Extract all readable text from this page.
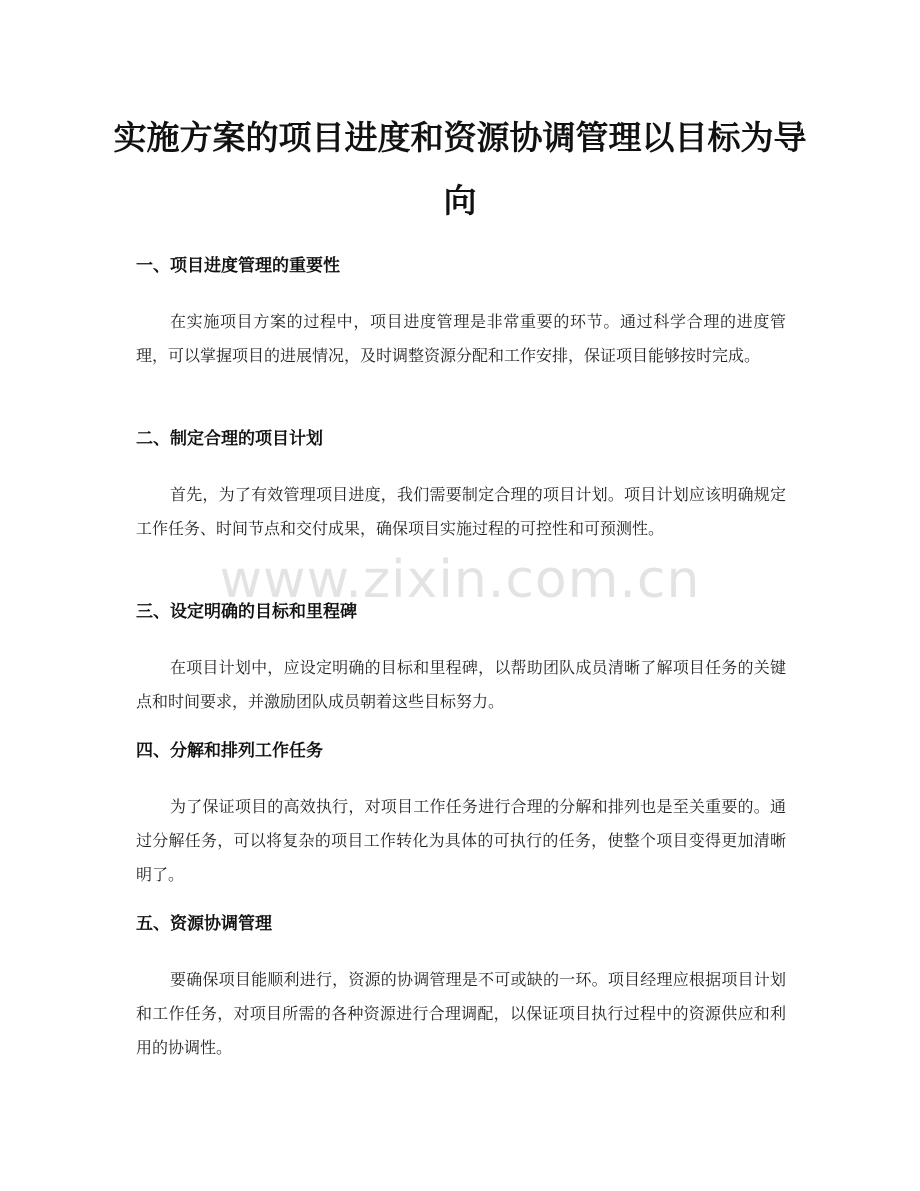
实施方案的项目进度和资源协调管理以目标为导向
一、项目进度管理的重要性

在实施项目方案的过程中，项目进度管理是非常重要的环节。通过科学合理的进度管理，可以掌握项目的进展情况，及时调整资源分配和工作安排，保证项目能够按时完成。

二、制定合理的项目计划

首先，为了有效管理项目进度，我们需要制定合理的项目计划。项目计划应该明确规定工作任务、时间节点和交付成果，确保项目实施过程的可控性和可预测性。

三、设定明确的目标和里程碑

在项目计划中，应设定明确的目标和里程碑，以帮助团队成员清晰了解项目任务的关键点和时间要求，并激励团队成员朝着这些目标努力。

四、分解和排列工作任务

为了保证项目的高效执行，对项目工作任务进行合理的分解和排列也是至关重要的。通过分解任务，可以将复杂的项目工作转化为具体的可执行的任务，使整个项目变得更加清晰明了。

五、资源协调管理

要确保项目能顺利进行，资源的协调管理是不可或缺的一环。项目经理应根据项目计划和工作任务，对项目所需的各种资源进行合理调配，以保证项目执行过程中的资源供应和利用的协调性。

www.zixin.com.cn
